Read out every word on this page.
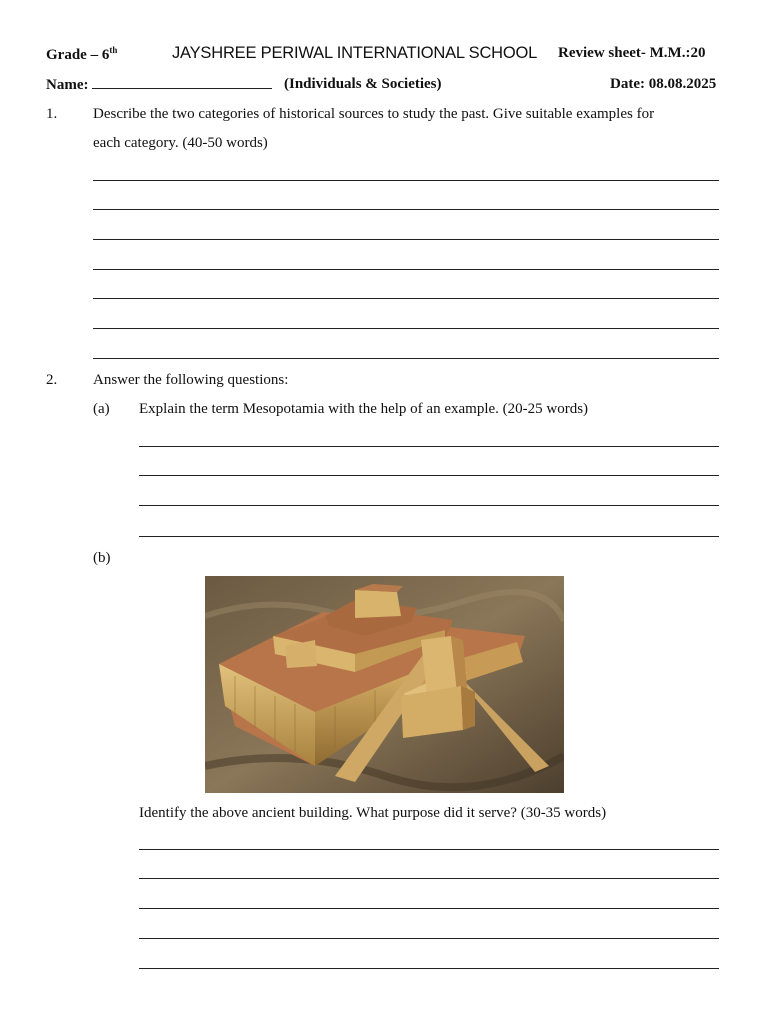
Grade – 6th	JAYSHREE PERIWAL INTERNATIONAL SCHOOL Review sheet- M.M.:20
Name:	(Individuals & Societies)	Date: 08.08.2025
1. Describe the two categories of historical sources to study the past. Give suitable examples for
each category. (40-50 words)
2. Answer the following questions:
(a) Explain the term Mesopotamia with the help of an example. (20-25 words)
(b)
Identify the above ancient building. What purpose did it serve? (30-35 words)
